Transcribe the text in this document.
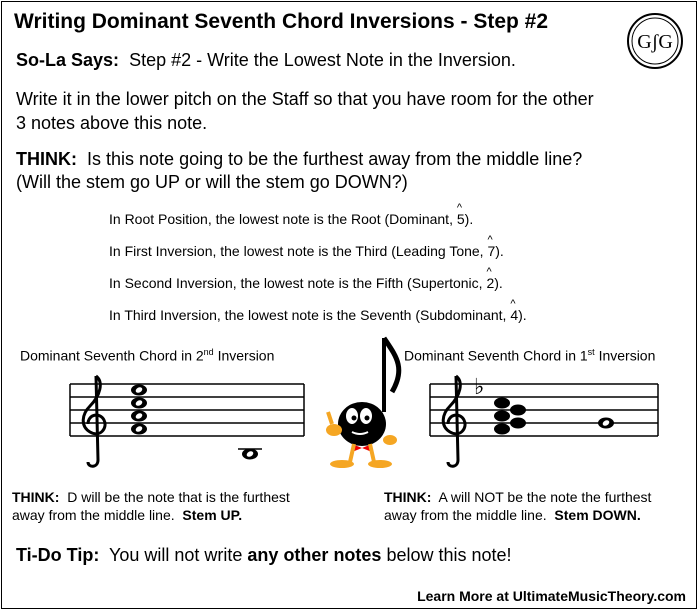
Writing Dominant Seventh Chord Inversions - Step #2
GʃG
So-La Says: Step #2 - Write the Lowest Note in the Inversion.
Write it in the lower pitch on the Staff so that you have room for the other
3 notes above this note.
THINK: Is this note going to be the furthest away from the middle line?
(Will the stem go UP or will the stem go DOWN?)
In Root Position, the lowest note is the Root (Dominant, 5
^
).
In First Inversion, the lowest note is the Third (Leading Tone, 7
^
).
In Second Inversion, the lowest note is the Fifth (Supertonic, 2
^
).
In Third Inversion, the lowest note is the Seventh (Subdominant, 4
^
).
Dominant Seventh Chord in 2nd Inversion	Dominant Seventh Chord in 1st Inversion
♭
THINK: D will be the note that is the furthest
away from the middle line. Stem UP.
THINK: A will NOT be the note the furthest
away from the middle line. Stem DOWN.
Ti-Do Tip: You will not write any other notes below this note!
Learn More at UltimateMusicTheory.com
